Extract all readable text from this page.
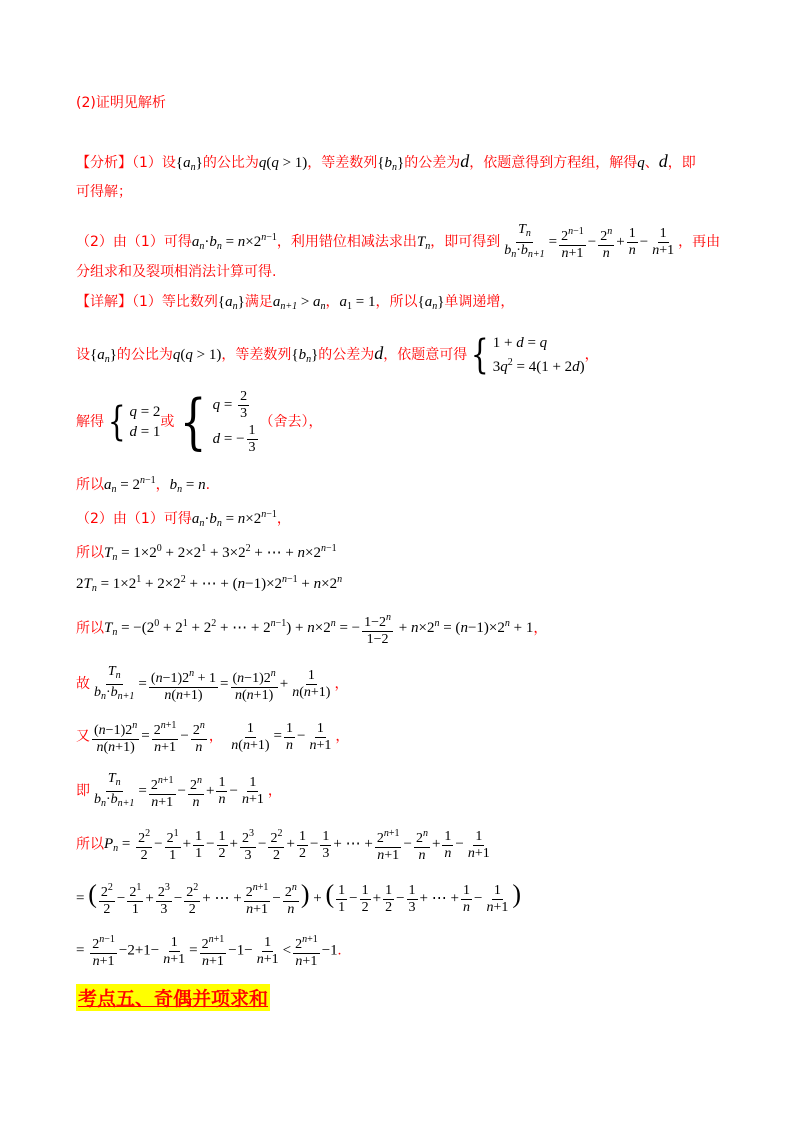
(2)证明见解析
【分析】（1）设$\{a_n\}$的公比为q(q > 1)，等差数列$\{b_n\}$的公差为d，依题意得到方程组，解得q、d，即
可得解；
（2）由（1）可得$a_n\cdot b_n = n\times 2^{n-1}$，利用错位相减法求出$T_n$，即可得到 $\frac{T_n}{b_n\cdot b_{n+1}} = \frac{2^{n-1}}{n+1} - \frac{2^n}{n} + \frac{1}{n} - \frac{1}{n+1}$ ，再由
分组求和及裂项相消法计算可得.
【详解】（1）等比数列$\{a_n\}$满足$a_{n+1} > a_n$，$a_1 = 1$，所以$\{a_n\}$单调递增，
设$\{a_n\}$的公比为q(q > 1)，等差数列$\{b_n\}$的公差为d，依题意可得 { 1 + d = q
$3q^2 = 4(1 + 2d)$
，
解得 { q = 2
d = 1
或 { $q = \frac{2}{3}$
d = − $\frac{1}{3}$
（舍去），
所以$a_n = 2^{n-1}$，$b_n = n$.
（2）由（1）可得$a_n\cdot b_n = n\times 2^{n-1}$，
所以$T_n = 1\times 2^0 + 2\times 2^1 + 3\times 2^2$ + ⋯ + $n\times 2^{n-1}$
$2T_n = 1\times 2^1 + 2\times 2^2$ + ⋯ + $(n-1)\times 2^{n-1} + n\times 2^n$
所以$T_n = -(2^0 + 2^1 + 2^2$ + ⋯ + $2^{n-1}) + n\times 2^n$ = − $\frac{1-2^n}{1-2} + n\times 2^n = (n-1)\times 2^n + 1$，
故 $\frac{T_n}{b_n\cdot b_{n+1}} = \frac{(n-1)2^n + 1}{n(n+1)} = \frac{(n-1)2^n}{n(n+1)} + \frac{1}{n(n+1)}$ ，
又 $\frac{(n-1)2^n}{n(n+1)} = \frac{2^{n+1}}{n+1} - \frac{2^n}{n}$ ， $\frac{1}{n(n+1)} = \frac{1}{n} - \frac{1}{n+1}$ ，
即 $\frac{T_n}{b_n\cdot b_{n+1}} = \frac{2^{n+1}}{n+1} - \frac{2^n}{n} + \frac{1}{n} - \frac{1}{n+1}$ ，
所以$P_n = \frac{2^2}{2} - \frac{2^1}{1} + \frac{1}{1} - \frac{1}{2} + \frac{2^3}{3} - \frac{2^2}{2} + \frac{1}{2} - \frac{1}{3}$ + ⋯ + $\frac{2^{n+1}}{n+1} - \frac{2^n}{n} + \frac{1}{n} - \frac{1}{n+1}$
= ( $\frac{2^2}{2} - \frac{2^1}{1} + \frac{2^3}{3} - \frac{2^2}{2}$ + ⋯ + $\frac{2^{n+1}}{n+1} - \frac{2^n}{n}$ ) + ( $\frac{1}{1} - \frac{1}{2} + \frac{1}{2} - \frac{1}{3}$ + ⋯ + $\frac{1}{n} - \frac{1}{n+1}$ )
= $\frac{2^{n-1}}{n+1} -2+1- \frac{1}{n+1} = \frac{2^{n+1}}{n+1} -1- \frac{1}{n+1} < \frac{2^{n+1}}{n+1} -1$.
考点五、奇偶并项求和
